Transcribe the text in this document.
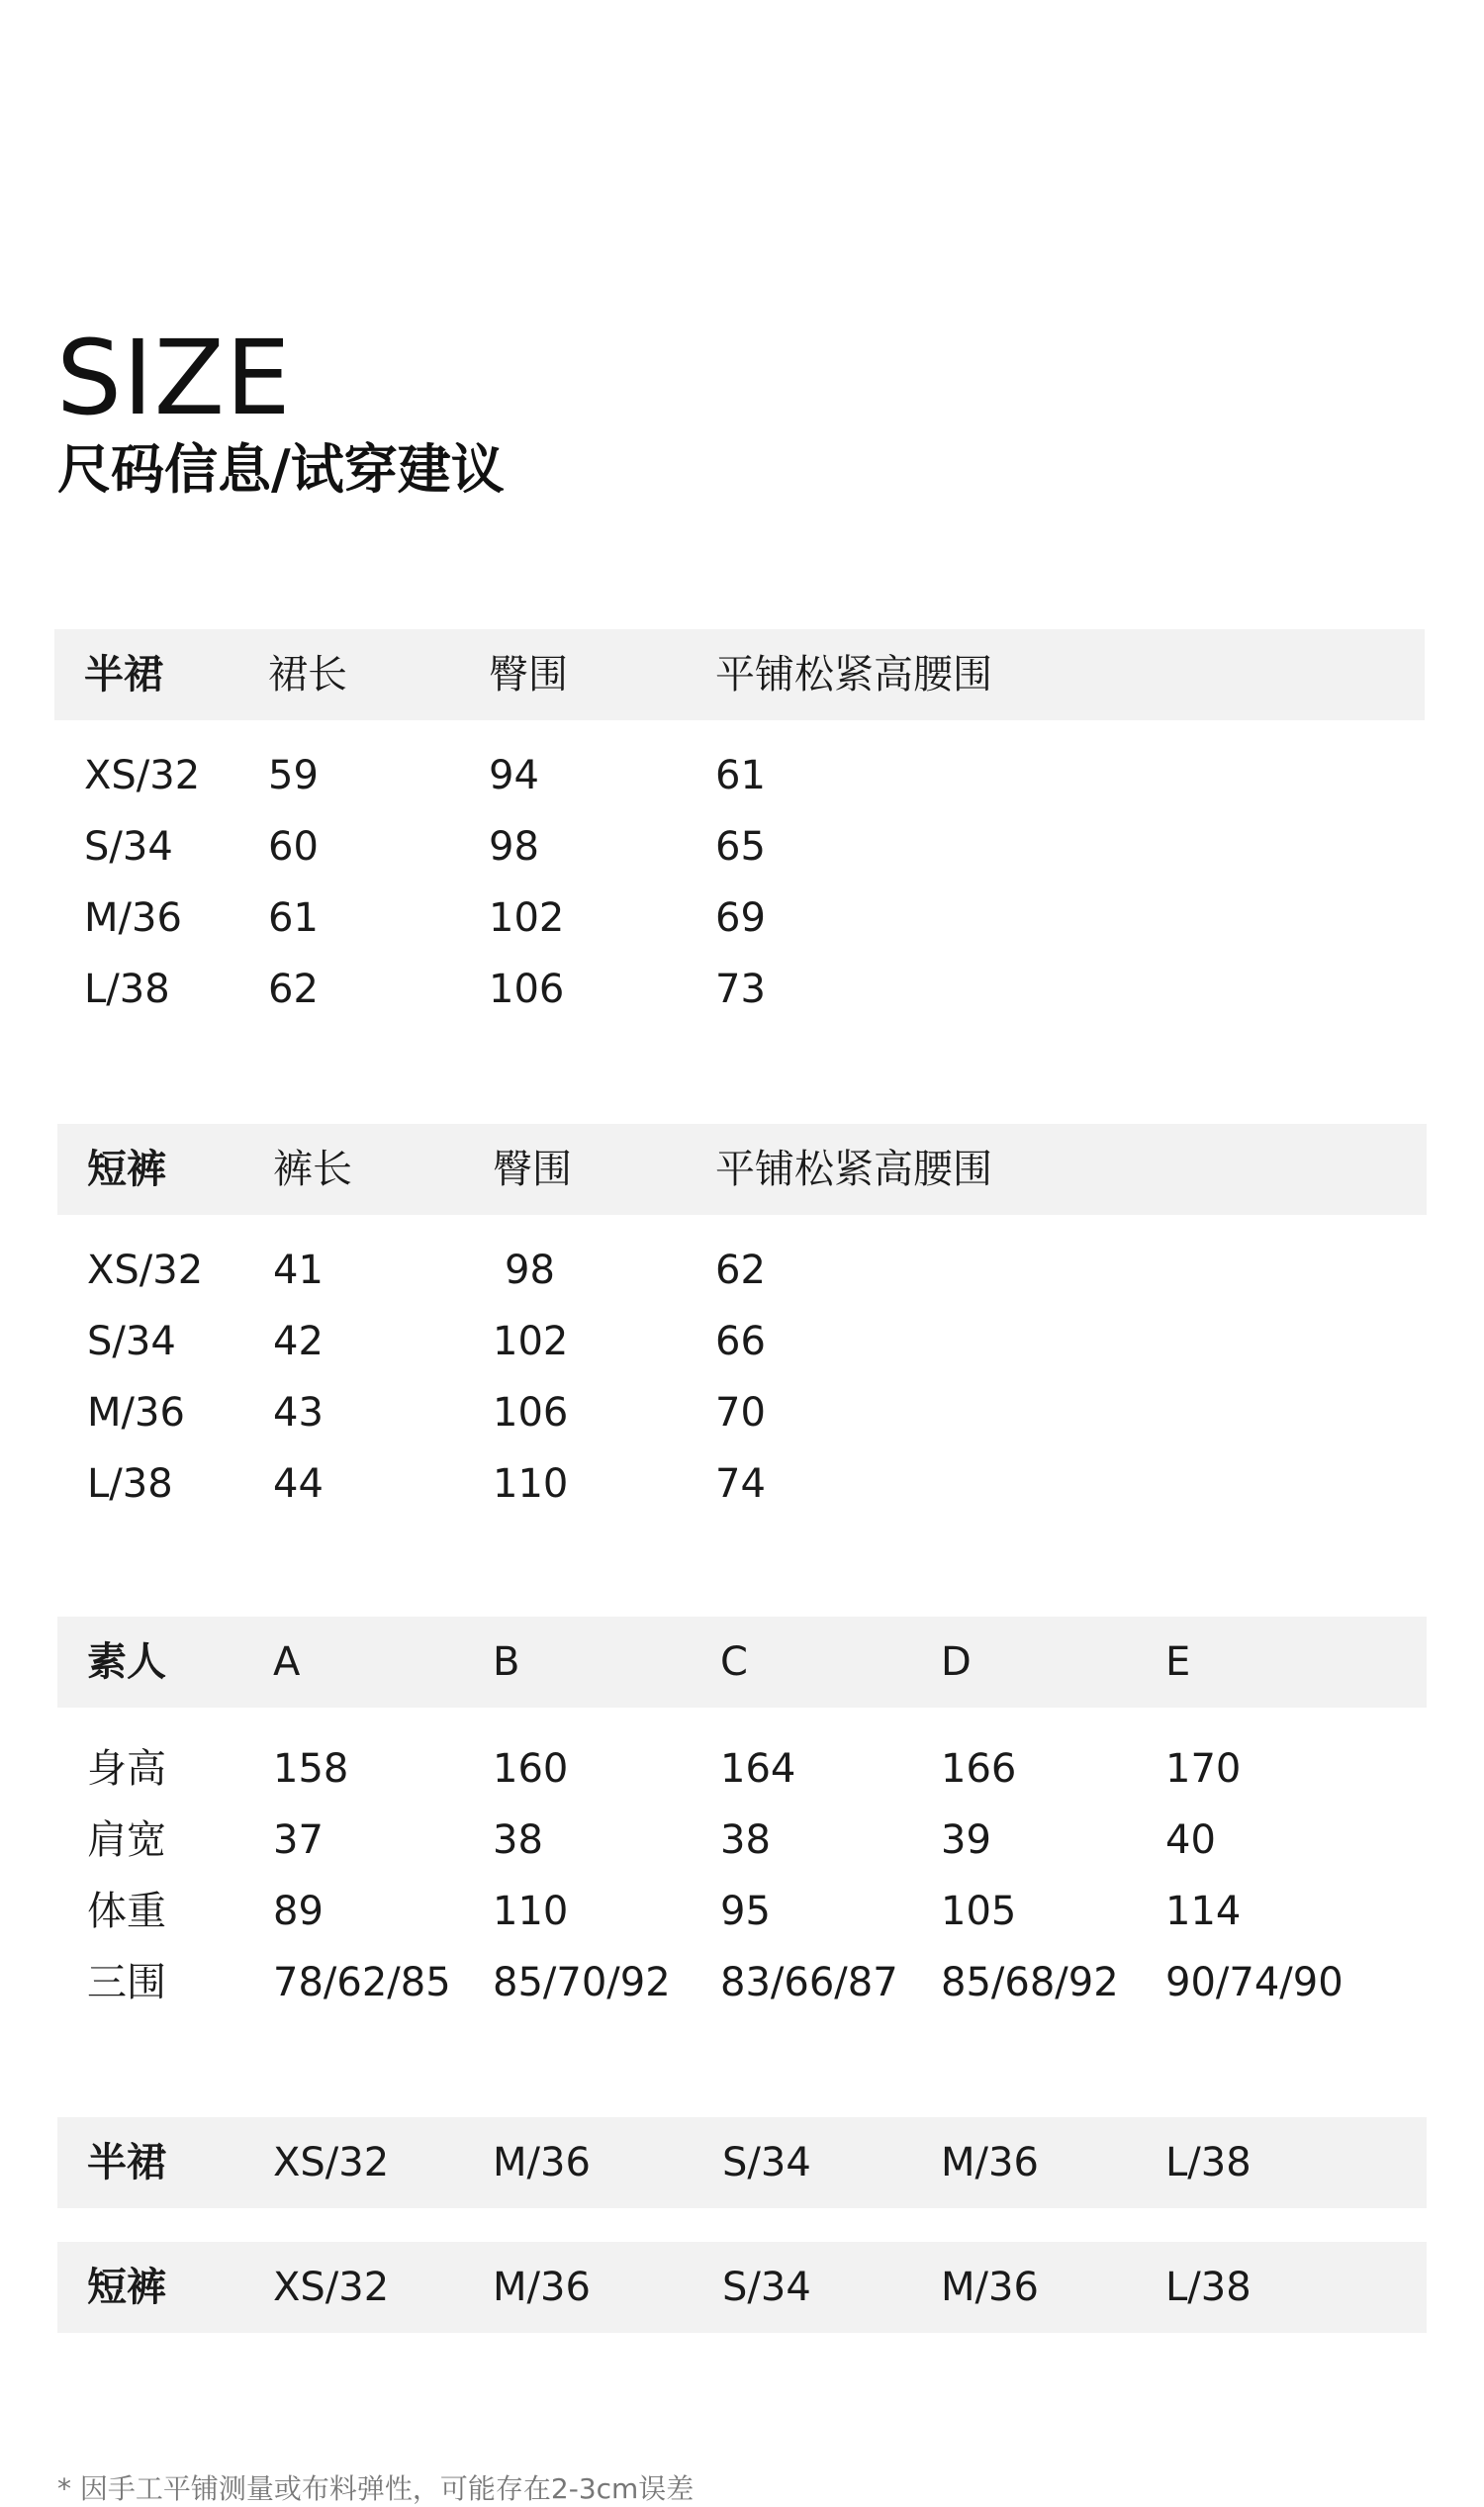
SIZE
尺码信息/试穿建议
半裙	裙长	臀围	平铺松紧高腰围
XS/32 59	94	61
S/34 60	98	65
M/36 61	102	69
L/38 62	106	73
短裤	裤长	臀围	平铺松紧高腰围
XS/32 41	98	62
S/34 42	102	66
M/36 43	106	70
L/38	44	110	74
素人	A	B	C	D	E
身高	158	160	164	166	170
肩宽	37	38	38	39	40
体重	89	110	95	105	114
三围	78/62/85 85/70/92 83/66/87 85/68/92 90/74/90
半裙	XS/32	M/36	S/34	M/36	L/38
短裤	XS/32	M/36	S/34	M/36	L/38
* 因手工平铺测量或布料弹性，可能存在2-3cm误差
